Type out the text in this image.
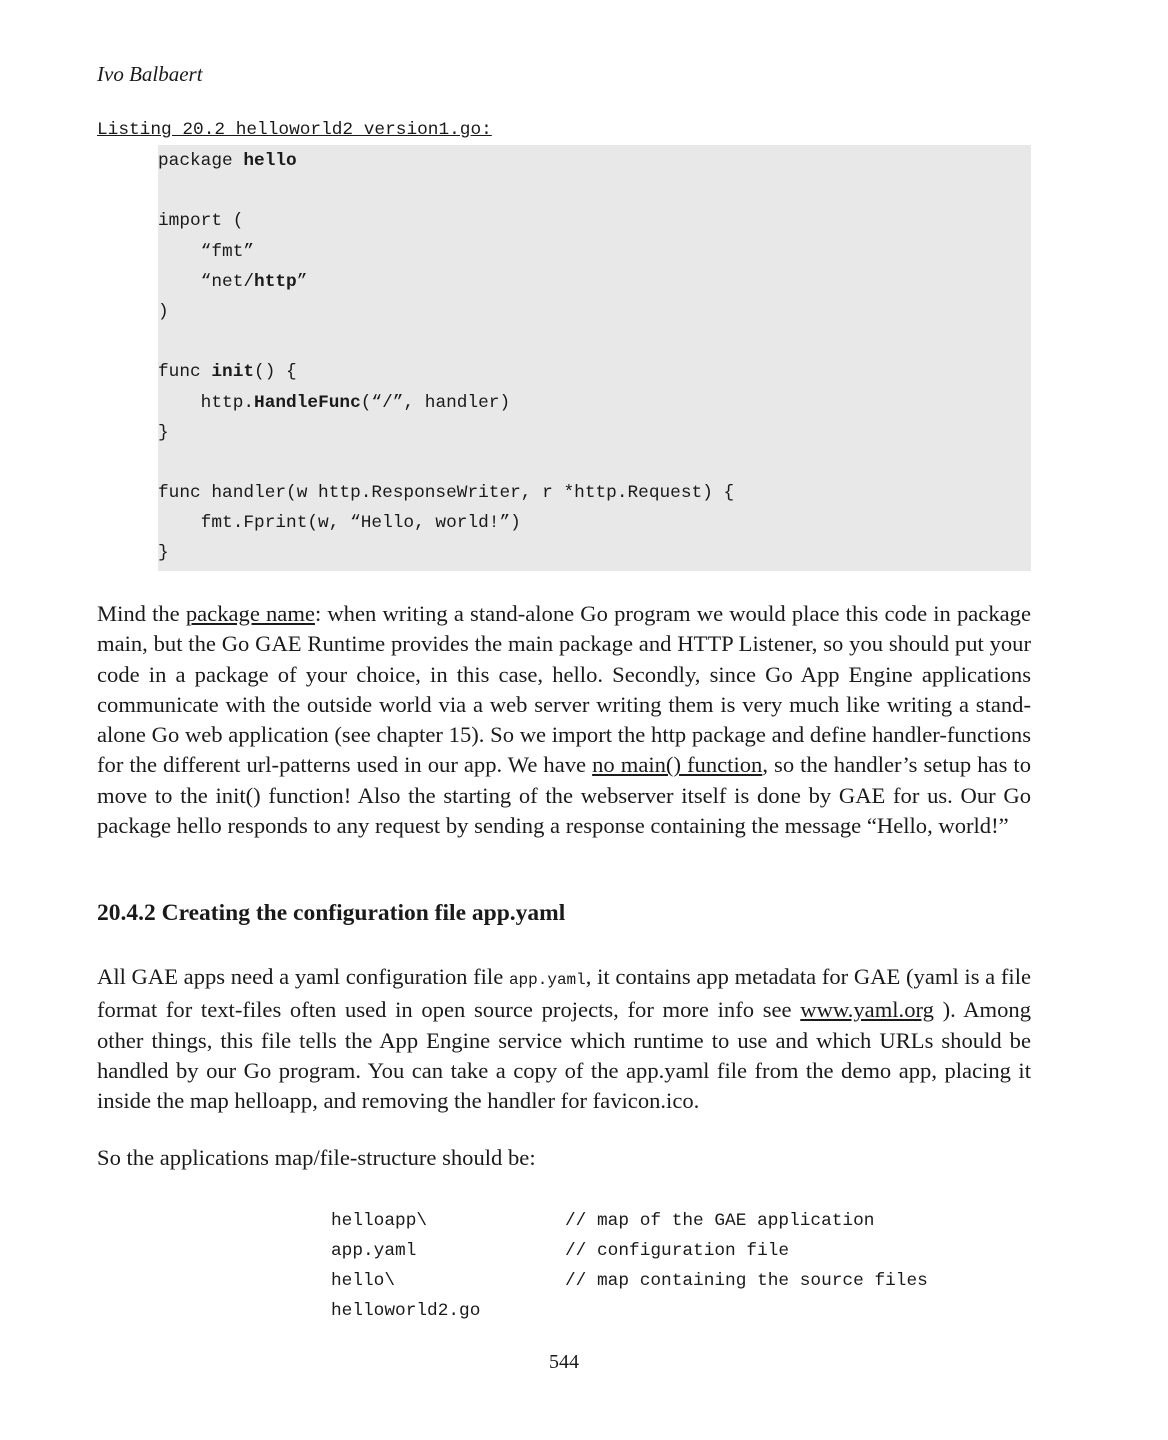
Ivo Balbaert
Listing 20.2 helloworld2_version1.go:
package hello
import (
“fmt”
“net/http”
)
func init() {
http.HandleFunc(“/”, handler)
}
func handler(w http.ResponseWriter, r *http.Request) {
fmt.Fprint(w, “Hello, world!”)
}
Mind the package name: when writing a stand-alone Go program we would place this code in package main, but the Go GAE Runtime provides the main package and HTTP Listener, so you should put your code in a package of your choice, in this case, hello. Secondly, since Go App Engine applications communicate with the outside world via a web server writing them is very much like writing a stand-alone Go web application (see chapter 15). So we import the http package and define handler-functions for the different url-patterns used in our app. We have no main() function, so the handler’s setup has to move to the init() function! Also the starting of the webserver itself is done by GAE for us. Our Go package hello responds to any request by sending a response containing the message “Hello, world!”
20.4.2 Creating the configuration file app.yaml
All GAE apps need a yaml configuration file app.yaml, it contains app metadata for GAE (yaml is a file format for text-files often used in open source projects, for more info see www.yaml.org ). Among other things, this file tells the App Engine service which runtime to use and which URLs should be handled by our Go program. You can take a copy of the app.yaml file from the demo app, placing it inside the map helloapp, and removing the handler for favicon.ico.
So the applications map/file-structure should be:
helloapp\	// map of the GAE application
app.yaml	// configuration file
hello\	// map containing the source files
helloworld2.go
544
